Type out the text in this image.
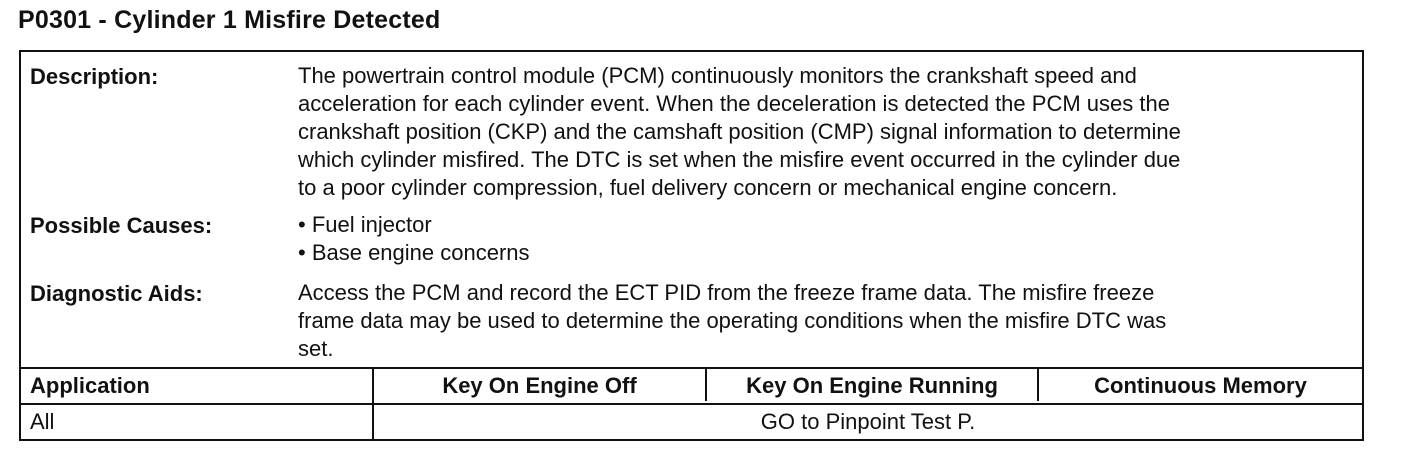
P0301 - Cylinder 1 Misfire Detected
Description:	The powertrain control module (PCM) continuously monitors the crankshaft speed and
acceleration for each cylinder event. When the deceleration is detected the PCM uses the
crankshaft position (CKP) and the camshaft position (CMP) signal information to determine
which cylinder misfired. The DTC is set when the misfire event occurred in the cylinder due
to a poor cylinder compression, fuel delivery concern or mechanical engine concern.
Possible Causes:	• Fuel injector
• Base engine concerns
Diagnostic Aids:	Access the PCM and record the ECT PID from the freeze frame data. The misfire freeze
frame data may be used to determine the operating conditions when the misfire DTC was
set.
Application	Key On Engine Off	Key On Engine Running	Continuous Memory
All	GO to Pinpoint Test P.
